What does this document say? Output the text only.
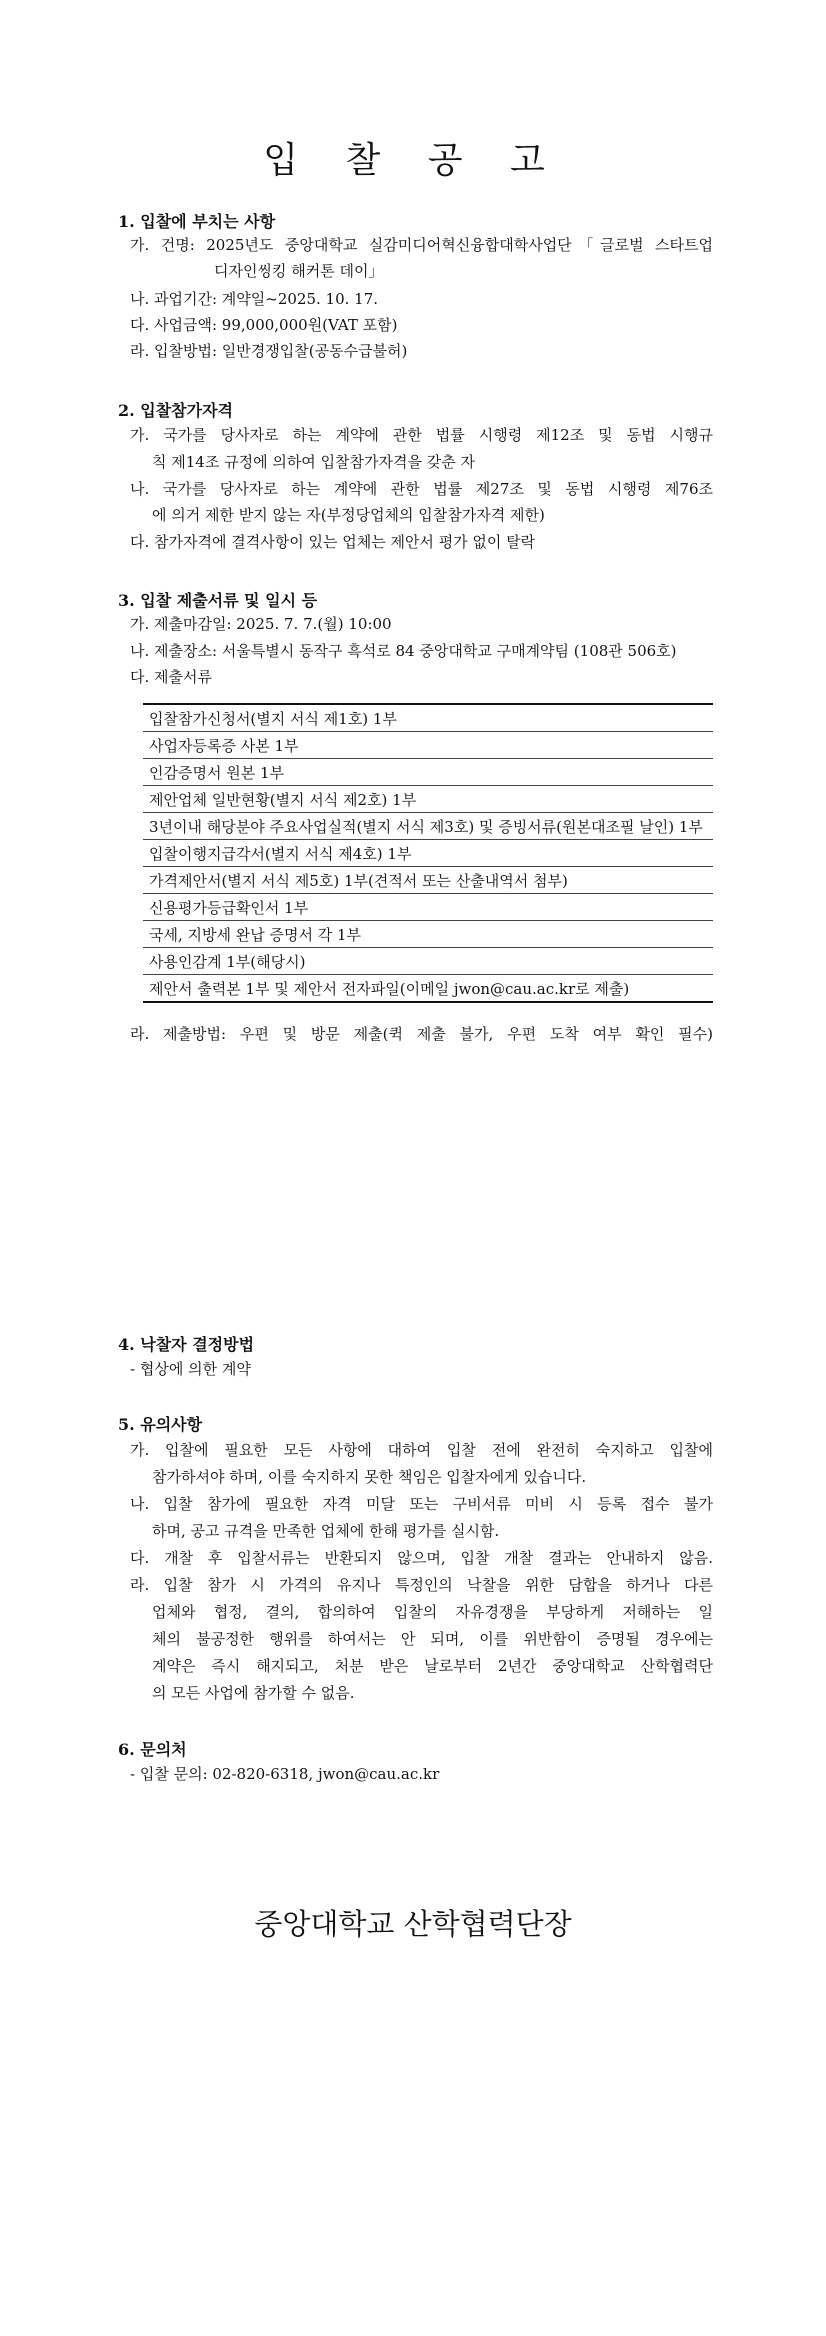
입 찰 공 고
1. 입찰에 부치는 사항
가. 건명: 2025년도 중앙대학교 실감미디어혁신융합대학사업단「글로벌 스타트업
디자인씽킹 해커톤 데이」
나. 과업기간: 계약일~2025. 10. 17.
다. 사업금액: 99,000,000원(VAT 포함)
라. 입찰방법: 일반경쟁입찰(공동수급불허)
2. 입찰참가자격
가. 국가를 당사자로 하는 계약에 관한 법률 시행령 제12조 및 동법 시행규
칙 제14조 규정에 의하여 입찰참가자격을 갖춘 자
나. 국가를 당사자로 하는 계약에 관한 법률 제27조 및 동법 시행령 제76조
에 의거 제한 받지 않는 자(부정당업체의 입찰참가자격 제한)
다. 참가자격에 결격사항이 있는 업체는 제안서 평가 없이 탈락
3. 입찰 제출서류 및 일시 등
가. 제출마감일: 2025. 7. 7.(월) 10:00
나. 제출장소: 서울특별시 동작구 흑석로 84 중앙대학교 구매계약팀 (108관 506호)
다. 제출서류
입찰참가신청서(별지 서식 제1호) 1부
사업자등록증 사본 1부
인감증명서 원본 1부
제안업체 일반현황(별지 서식 제2호) 1부
3년이내 해당분야 주요사업실적(별지 서식 제3호) 및 증빙서류(원본대조필 날인) 1부
입찰이행지급각서(별지 서식 제4호) 1부
가격제안서(별지 서식 제5호) 1부(견적서 또는 산출내역서 첨부)
신용평가등급확인서 1부
국세, 지방세 완납 증명서 각 1부
사용인감계 1부(해당시)
제안서 출력본 1부 및 제안서 전자파일(이메일 jwon@cau.ac.kr로 제출)
라. 제출방법: 우편 및 방문 제출(퀵 제출 불가, 우편 도착 여부 확인 필수)
4. 낙찰자 결정방법
- 협상에 의한 계약
5. 유의사항
가. 입찰에 필요한 모든 사항에 대하여 입찰 전에 완전히 숙지하고 입찰에
참가하셔야 하며, 이를 숙지하지 못한 책임은 입찰자에게 있습니다.
나. 입찰 참가에 필요한 자격 미달 또는 구비서류 미비 시 등록 접수 불가
하며, 공고 규격을 만족한 업체에 한해 평가를 실시함.
다. 개찰 후 입찰서류는 반환되지 않으며, 입찰 개찰 결과는 안내하지 않음.
라. 입찰 참가 시 가격의 유지나 특정인의 낙찰을 위한 담합을 하거나 다른
업체와 협정, 결의, 합의하여 입찰의 자유경쟁을 부당하게 저해하는 일
체의 불공정한 행위를 하여서는 안 되며, 이를 위반함이 증명될 경우에는
계약은 즉시 해지되고, 처분 받은 날로부터 2년간 중앙대학교 산학협력단
의 모든 사업에 참가할 수 없음.
6. 문의처
- 입찰 문의: 02-820-6318, jwon@cau.ac.kr
중앙대학교 산학협력단장
